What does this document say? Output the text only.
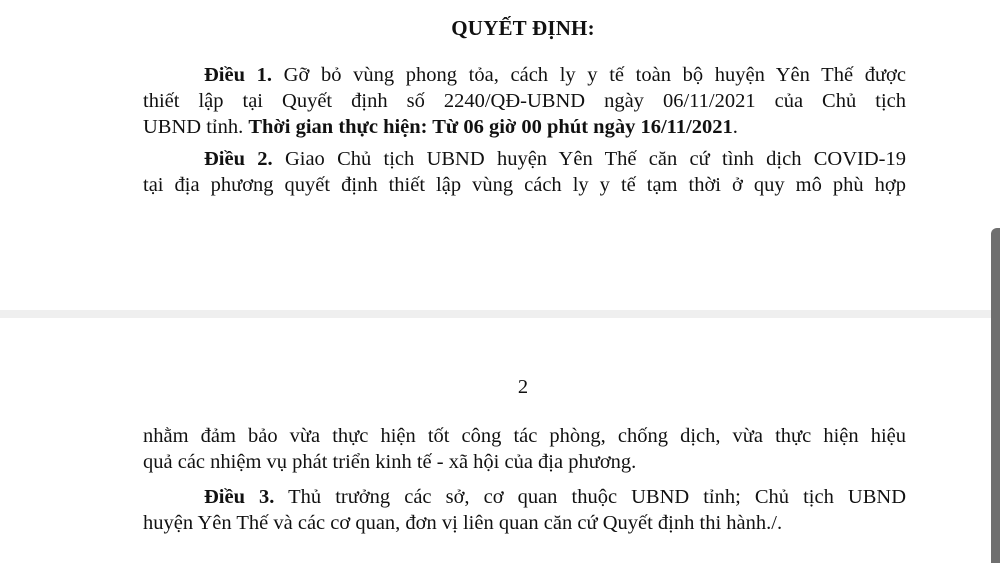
QUYẾT ĐỊNH:
Điều 1. Gỡ bỏ vùng phong tỏa, cách ly y tế toàn bộ huyện Yên Thế được
thiết lập tại Quyết định số 2240/QĐ-UBND ngày 06/11/2021 của Chủ tịch
UBND tỉnh. Thời gian thực hiện: Từ 06 giờ 00 phút ngày 16/11/2021.
Điều 2. Giao Chủ tịch UBND huyện Yên Thế căn cứ tình dịch COVID-19
tại địa phương quyết định thiết lập vùng cách ly y tế tạm thời ở quy mô phù hợp
2
nhằm đảm bảo vừa thực hiện tốt công tác phòng, chống dịch, vừa thực hiện hiệu
quả các nhiệm vụ phát triển kinh tế - xã hội của địa phương.
Điều 3. Thủ trưởng các sở, cơ quan thuộc UBND tỉnh; Chủ tịch UBND
huyện Yên Thế và các cơ quan, đơn vị liên quan căn cứ Quyết định thi hành./.
